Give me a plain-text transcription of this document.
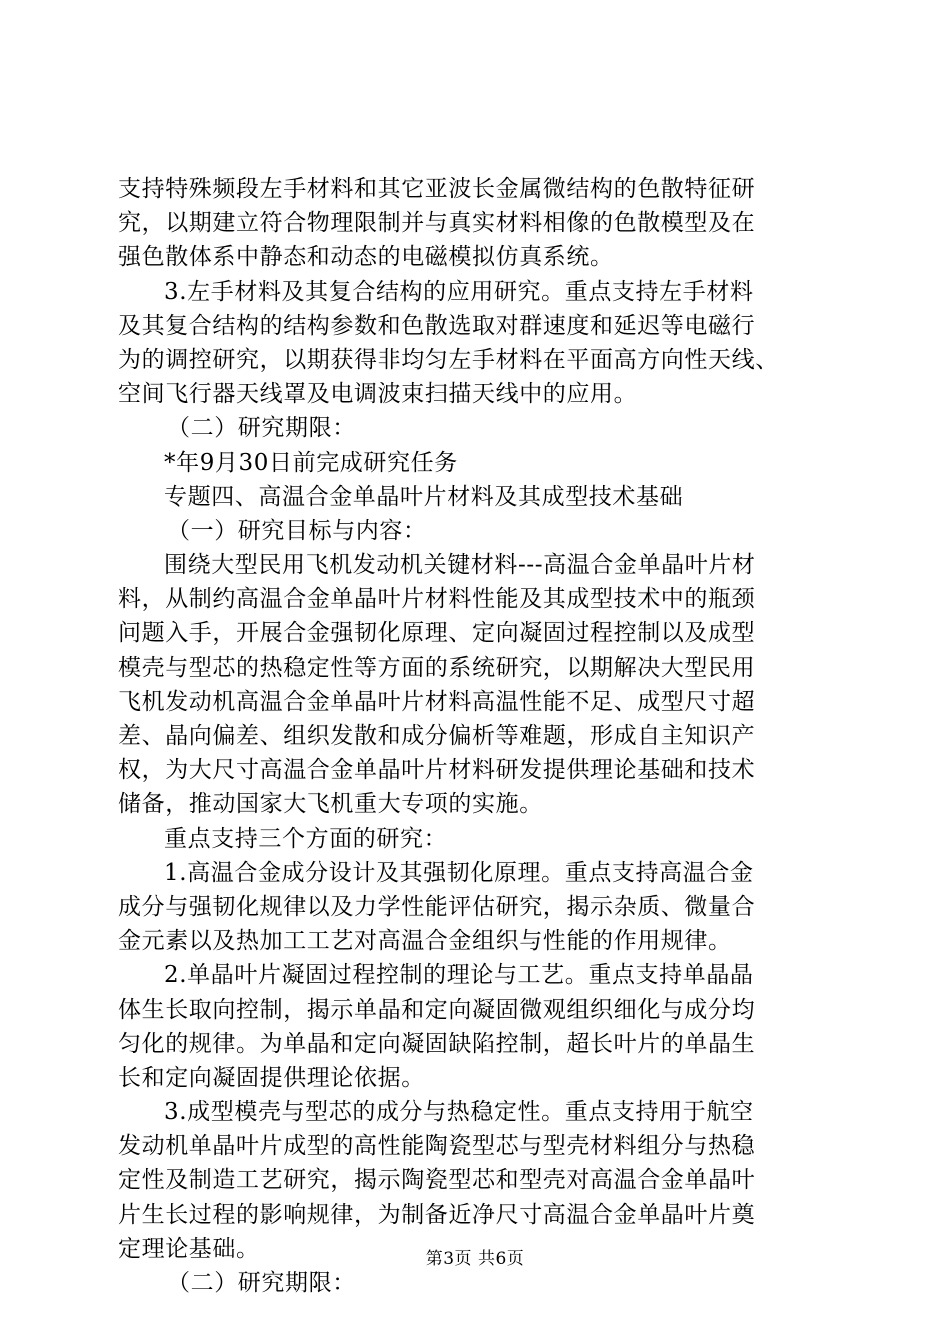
支持特殊频段左手材料和其它亚波长金属微结构的色散特征研
究，以期建立符合物理限制并与真实材料相像的色散模型及在
强色散体系中静态和动态的电磁模拟仿真系统。
3.左手材料及其复合结构的应用研究。重点支持左手材料
及其复合结构的结构参数和色散选取对群速度和延迟等电磁行
为的调控研究，以期获得非均匀左手材料在平面高方向性天线、
空间飞行器天线罩及电调波束扫描天线中的应用。
（二）研究期限：
*年9月30日前完成研究任务
专题四、高温合金单晶叶片材料及其成型技术基础
（一）研究目标与内容：
围绕大型民用飞机发动机关键材料---高温合金单晶叶片材
料，从制约高温合金单晶叶片材料性能及其成型技术中的瓶颈
问题入手，开展合金强韧化原理、定向凝固过程控制以及成型
模壳与型芯的热稳定性等方面的系统研究，以期解决大型民用
飞机发动机高温合金单晶叶片材料高温性能不足、成型尺寸超
差、晶向偏差、组织发散和成分偏析等难题，形成自主知识产
权，为大尺寸高温合金单晶叶片材料研发提供理论基础和技术
储备，推动国家大飞机重大专项的实施。
重点支持三个方面的研究：
1.高温合金成分设计及其强韧化原理。重点支持高温合金
成分与强韧化规律以及力学性能评估研究，揭示杂质、微量合
金元素以及热加工工艺对高温合金组织与性能的作用规律。
2.单晶叶片凝固过程控制的理论与工艺。重点支持单晶晶
体生长取向控制，揭示单晶和定向凝固微观组织细化与成分均
匀化的规律。为单晶和定向凝固缺陷控制，超长叶片的单晶生
长和定向凝固提供理论依据。
3.成型模壳与型芯的成分与热稳定性。重点支持用于航空
发动机单晶叶片成型的高性能陶瓷型芯与型壳材料组分与热稳
定性及制造工艺研究，揭示陶瓷型芯和型壳对高温合金单晶叶
片生长过程的影响规律，为制备近净尺寸高温合金单晶叶片奠
定理论基础。
（二）研究期限：
第3页 共6页
